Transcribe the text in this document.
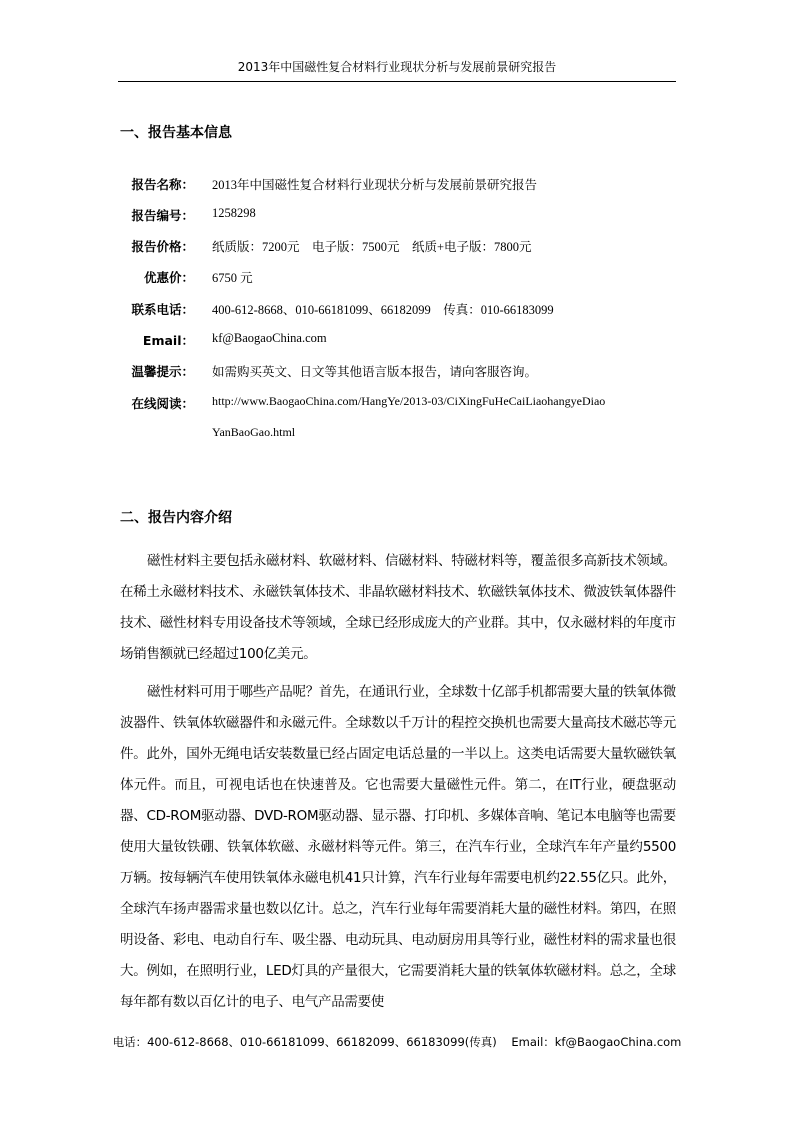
2013年中国磁性复合材料行业现状分析与发展前景研究报告
一、报告基本信息
报告名称： 2013年中国磁性复合材料行业现状分析与发展前景研究报告
报告编号： 1258298
报告价格： 纸质版：7200元    电子版：7500元    纸质+电子版：7800元
优惠价： 6750 元
联系电话： 400-612-8668、010-66181099、66182099    传真：010-66183099
Email： kf@BaogaoChina.com
温馨提示： 如需购买英文、日文等其他语言版本报告，请向客服咨询。
在线阅读： http://www.BaogaoChina.com/HangYe/2013-03/CiXingFuHeCaiLiaohangyeDiao
YanBaoGao.html
二、报告内容介绍

磁性材料主要包括永磁材料、软磁材料、信磁材料、特磁材料等，覆盖很多高新技术领域。在稀土永磁材料技术、永磁铁氧体技术、非晶软磁材料技术、软磁铁氧体技术、微波铁氧体器件技术、磁性材料专用设备技术等领域，全球已经形成庞大的产业群。其中，仅永磁材料的年度市场销售额就已经超过100亿美元。

磁性材料可用于哪些产品呢？首先，在通讯行业，全球数十亿部手机都需要大量的铁氧体微波器件、铁氧体软磁器件和永磁元件。全球数以千万计的程控交换机也需要大量高技术磁芯等元件。此外，国外无绳电话安装数量已经占固定电话总量的一半以上。这类电话需要大量软磁铁氧体元件。而且，可视电话也在快速普及。它也需要大量磁性元件。第二，在IT行业，硬盘驱动器、CD-ROM驱动器、DVD-ROM驱动器、显示器、打印机、多媒体音响、笔记本电脑等也需要使用大量钕铁硼、铁氧体软磁、永磁材料等元件。第三，在汽车行业，全球汽车年产量约5500万辆。按每辆汽车使用铁氧体永磁电机41只计算，汽车行业每年需要电机约22.55亿只。此外，全球汽车扬声器需求量也数以亿计。总之，汽车行业每年需要消耗大量的磁性材料。第四，在照明设备、彩电、电动自行车、吸尘器、电动玩具、电动厨房用具等行业，磁性材料的需求量也很大。例如，在照明行业，LED灯具的产量很大，它需要消耗大量的铁氧体软磁材料。总之，全球每年都有数以百亿计的电子、电气产品需要使

电话：400-612-8668、010-66181099、66182099、66183099(传真)    Email：kf@BaogaoChina.com
